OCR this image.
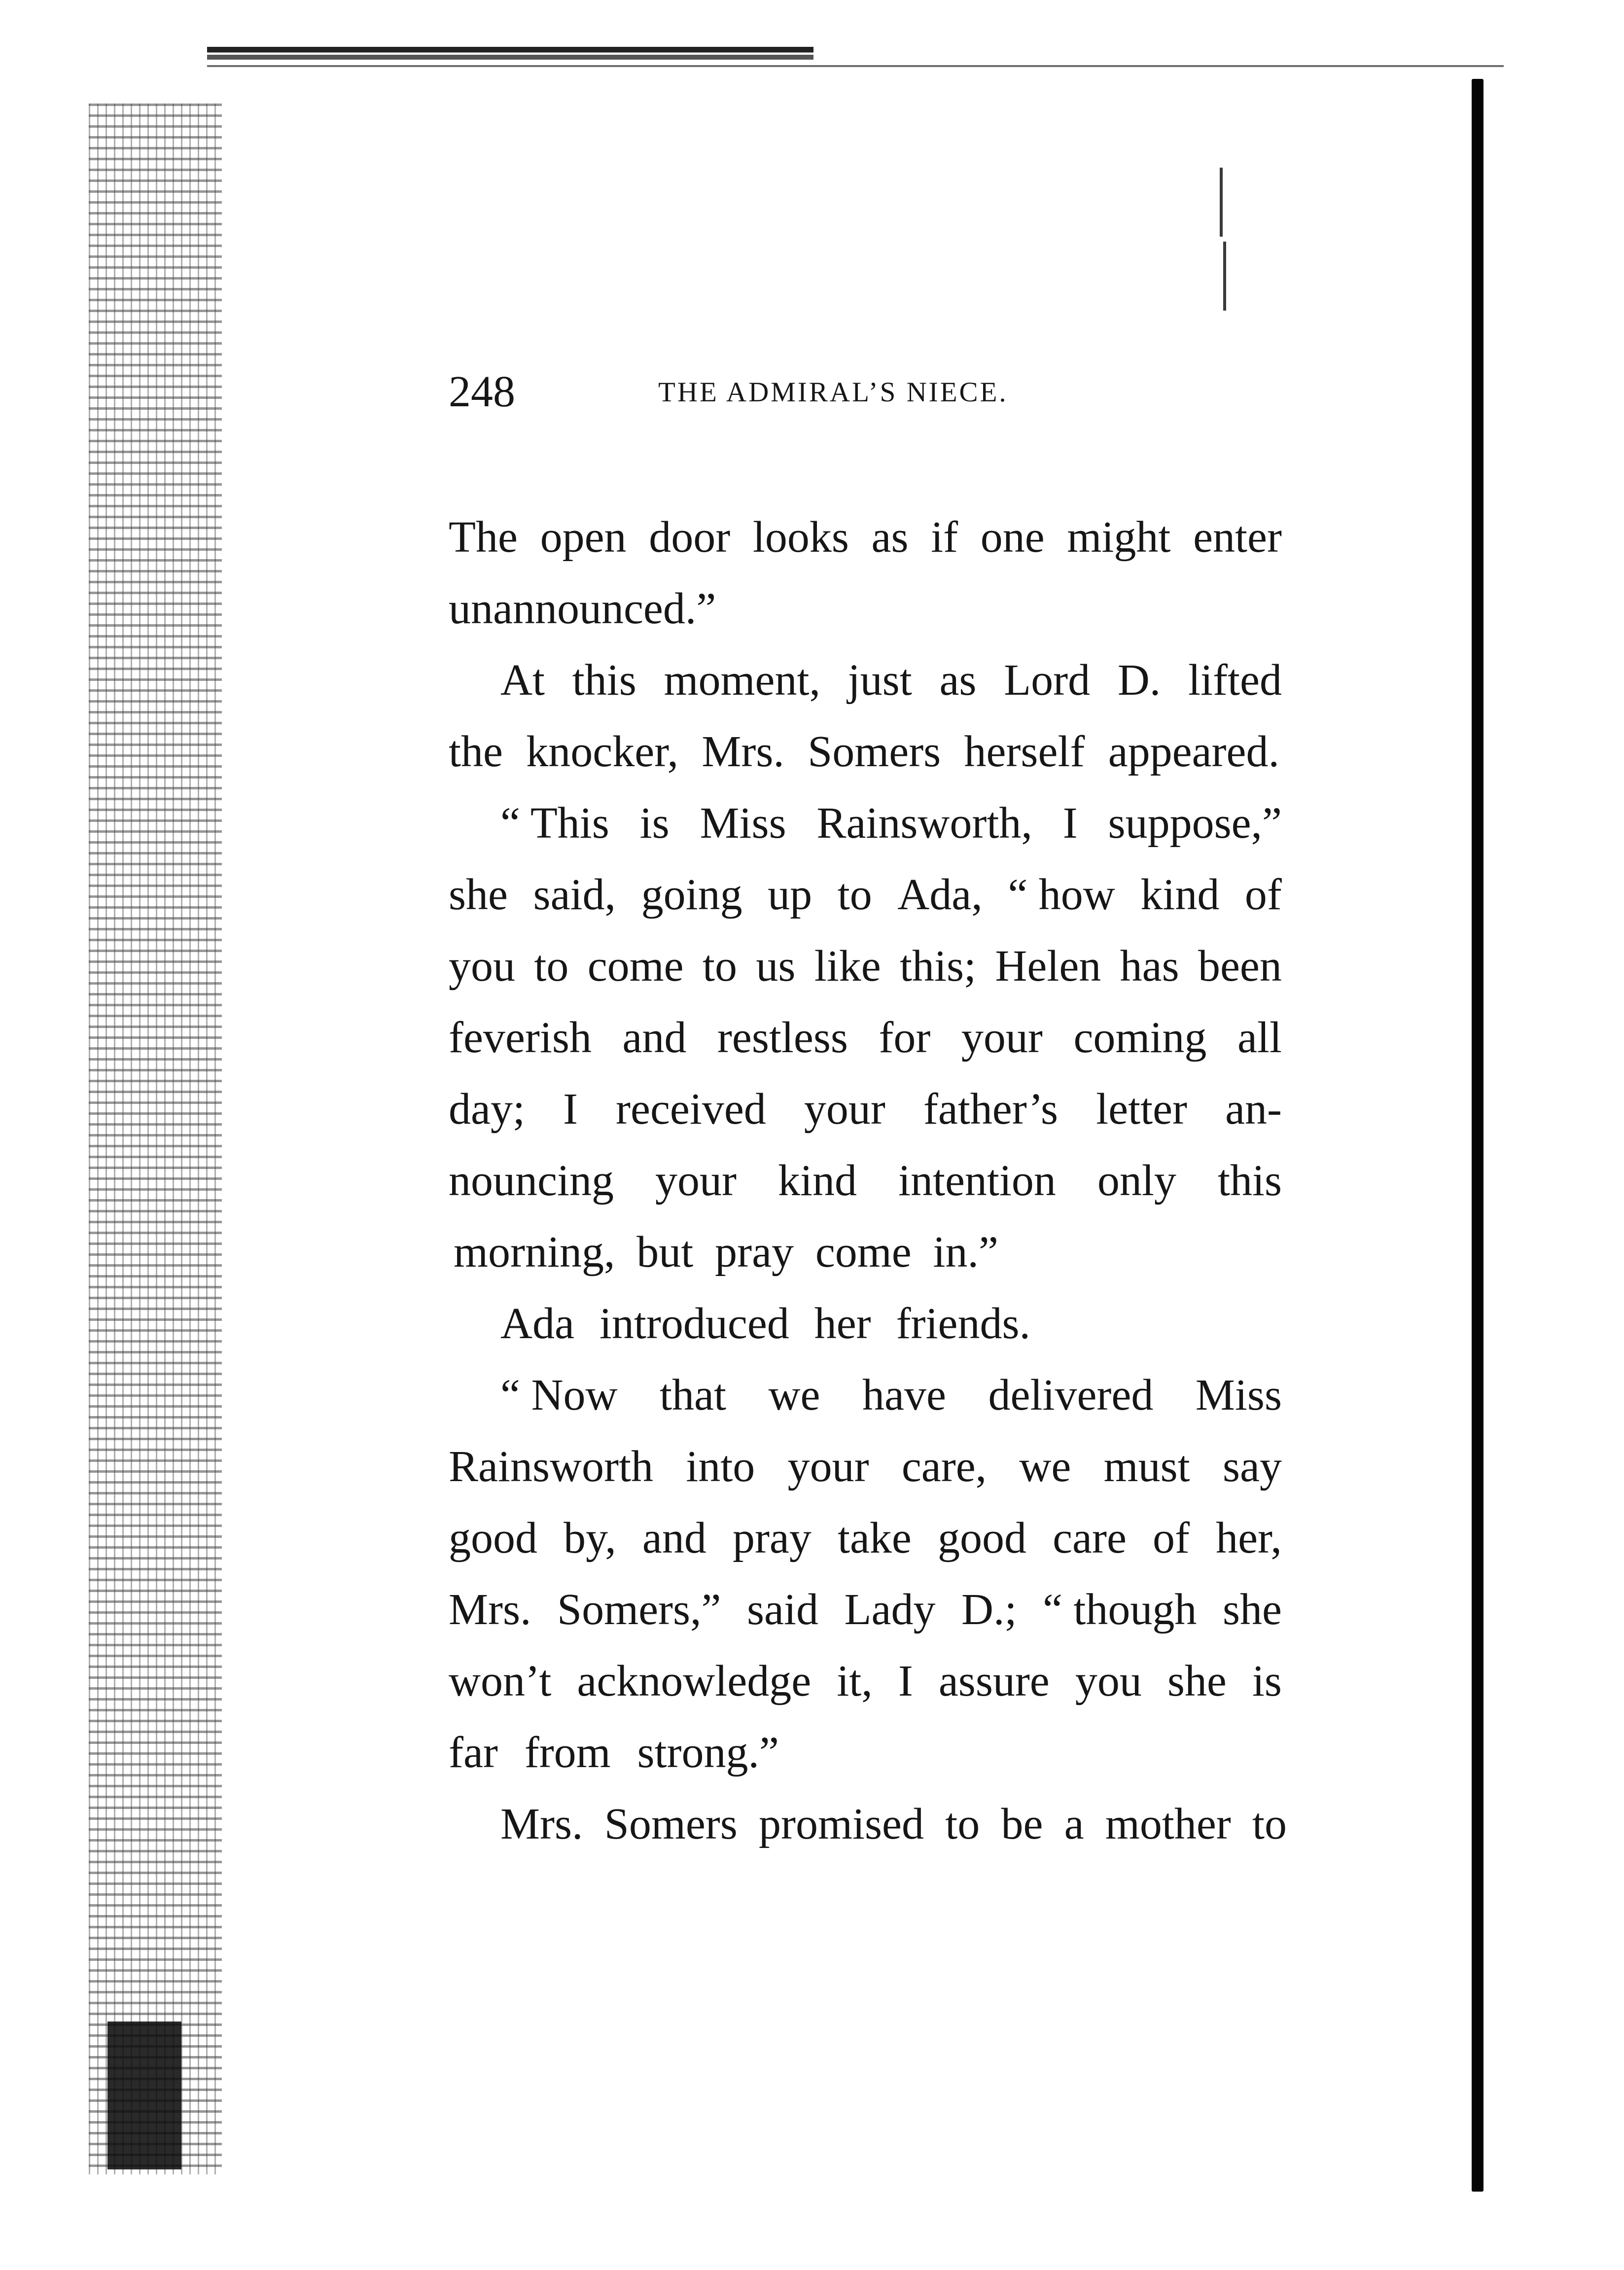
248	THE ADMIRAL’S NIECE.
The open door looks as if one might enter
unannounced.”
At this moment, just as Lord D. lifted
the knocker, Mrs. Somers herself appeared.
“ This is Miss Rainsworth, I suppose,”
she said, going up to Ada, “ how kind of
you to come to us like this; Helen has been
feverish and restless for your coming all
day; I received your father’s letter an-
nouncing your kind intention only this
morning, but pray come in.”
Ada introduced her friends.
“ Now that we have delivered Miss
Rainsworth into your care, we must say
good by, and pray take good care of her,
Mrs. Somers,” said Lady D.; “ though she
won’t acknowledge it, I assure you she is
far from strong.”
Mrs. Somers promised to be a mother to
